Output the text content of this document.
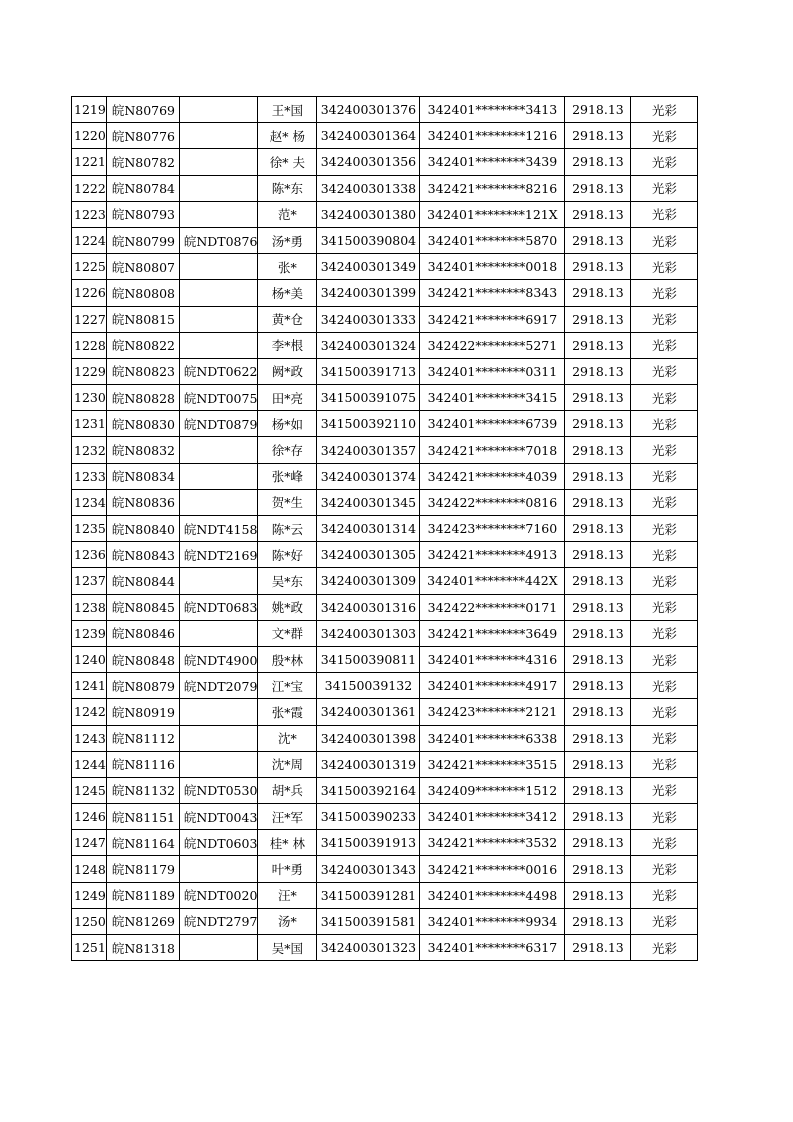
1219	皖N80769		王*国	342400301376	342401********3413	2918.13	光彩
1220	皖N80776		赵* 杨	342400301364	342401********1216	2918.13	光彩
1221	皖N80782		徐* 夫	342400301356	342401********3439	2918.13	光彩
1222	皖N80784		陈*东	342400301338	342421********8216	2918.13	光彩
1223	皖N80793		范*	342400301380	342401********121X	2918.13	光彩
1224	皖N80799	皖NDT0876	汤*勇	341500390804	342401********5870	2918.13	光彩
1225	皖N80807		张*	342400301349	342401********0018	2918.13	光彩
1226	皖N80808		杨*美	342400301399	342421********8343	2918.13	光彩
1227	皖N80815		黄*仓	342400301333	342421********6917	2918.13	光彩
1228	皖N80822		李*根	342400301324	342422********5271	2918.13	光彩
1229	皖N80823	皖NDT0622	阙*政	341500391713	342401********0311	2918.13	光彩
1230	皖N80828	皖NDT0075	田*亮	341500391075	342401********3415	2918.13	光彩
1231	皖N80830	皖NDT0879	杨*如	341500392110	342401********6739	2918.13	光彩
1232	皖N80832		徐*存	342400301357	342421********7018	2918.13	光彩
1233	皖N80834		张*峰	342400301374	342421********4039	2918.13	光彩
1234	皖N80836		贺*生	342400301345	342422********0816	2918.13	光彩
1235	皖N80840	皖NDT4158	陈*云	342400301314	342423********7160	2918.13	光彩
1236	皖N80843	皖NDT2169	陈*好	342400301305	342421********4913	2918.13	光彩
1237	皖N80844		吴*东	342400301309	342401********442X	2918.13	光彩
1238	皖N80845	皖NDT0683	姚*政	342400301316	342422********0171	2918.13	光彩
1239	皖N80846		文*群	342400301303	342421********3649	2918.13	光彩
1240	皖N80848	皖NDT4900	殷*林	341500390811	342401********4316	2918.13	光彩
1241	皖N80879	皖NDT2079	江*宝	34150039132	342401********4917	2918.13	光彩
1242	皖N80919		张*霞	342400301361	342423********2121	2918.13	光彩
1243	皖N81112		沈*	342400301398	342401********6338	2918.13	光彩
1244	皖N81116		沈*周	342400301319	342421********3515	2918.13	光彩
1245	皖N81132	皖NDT0530	胡*兵	341500392164	342409********1512	2918.13	光彩
1246	皖N81151	皖NDT0043	汪*军	341500390233	342401********3412	2918.13	光彩
1247	皖N81164	皖NDT0603	桂* 林	341500391913	342421********3532	2918.13	光彩
1248	皖N81179		叶*勇	342400301343	342421********0016	2918.13	光彩
1249	皖N81189	皖NDT0020	汪*	341500391281	342401********4498	2918.13	光彩
1250	皖N81269	皖NDT2797	汤*	341500391581	342401********9934	2918.13	光彩
1251	皖N81318		吴*国	342400301323	342401********6317	2918.13	光彩
